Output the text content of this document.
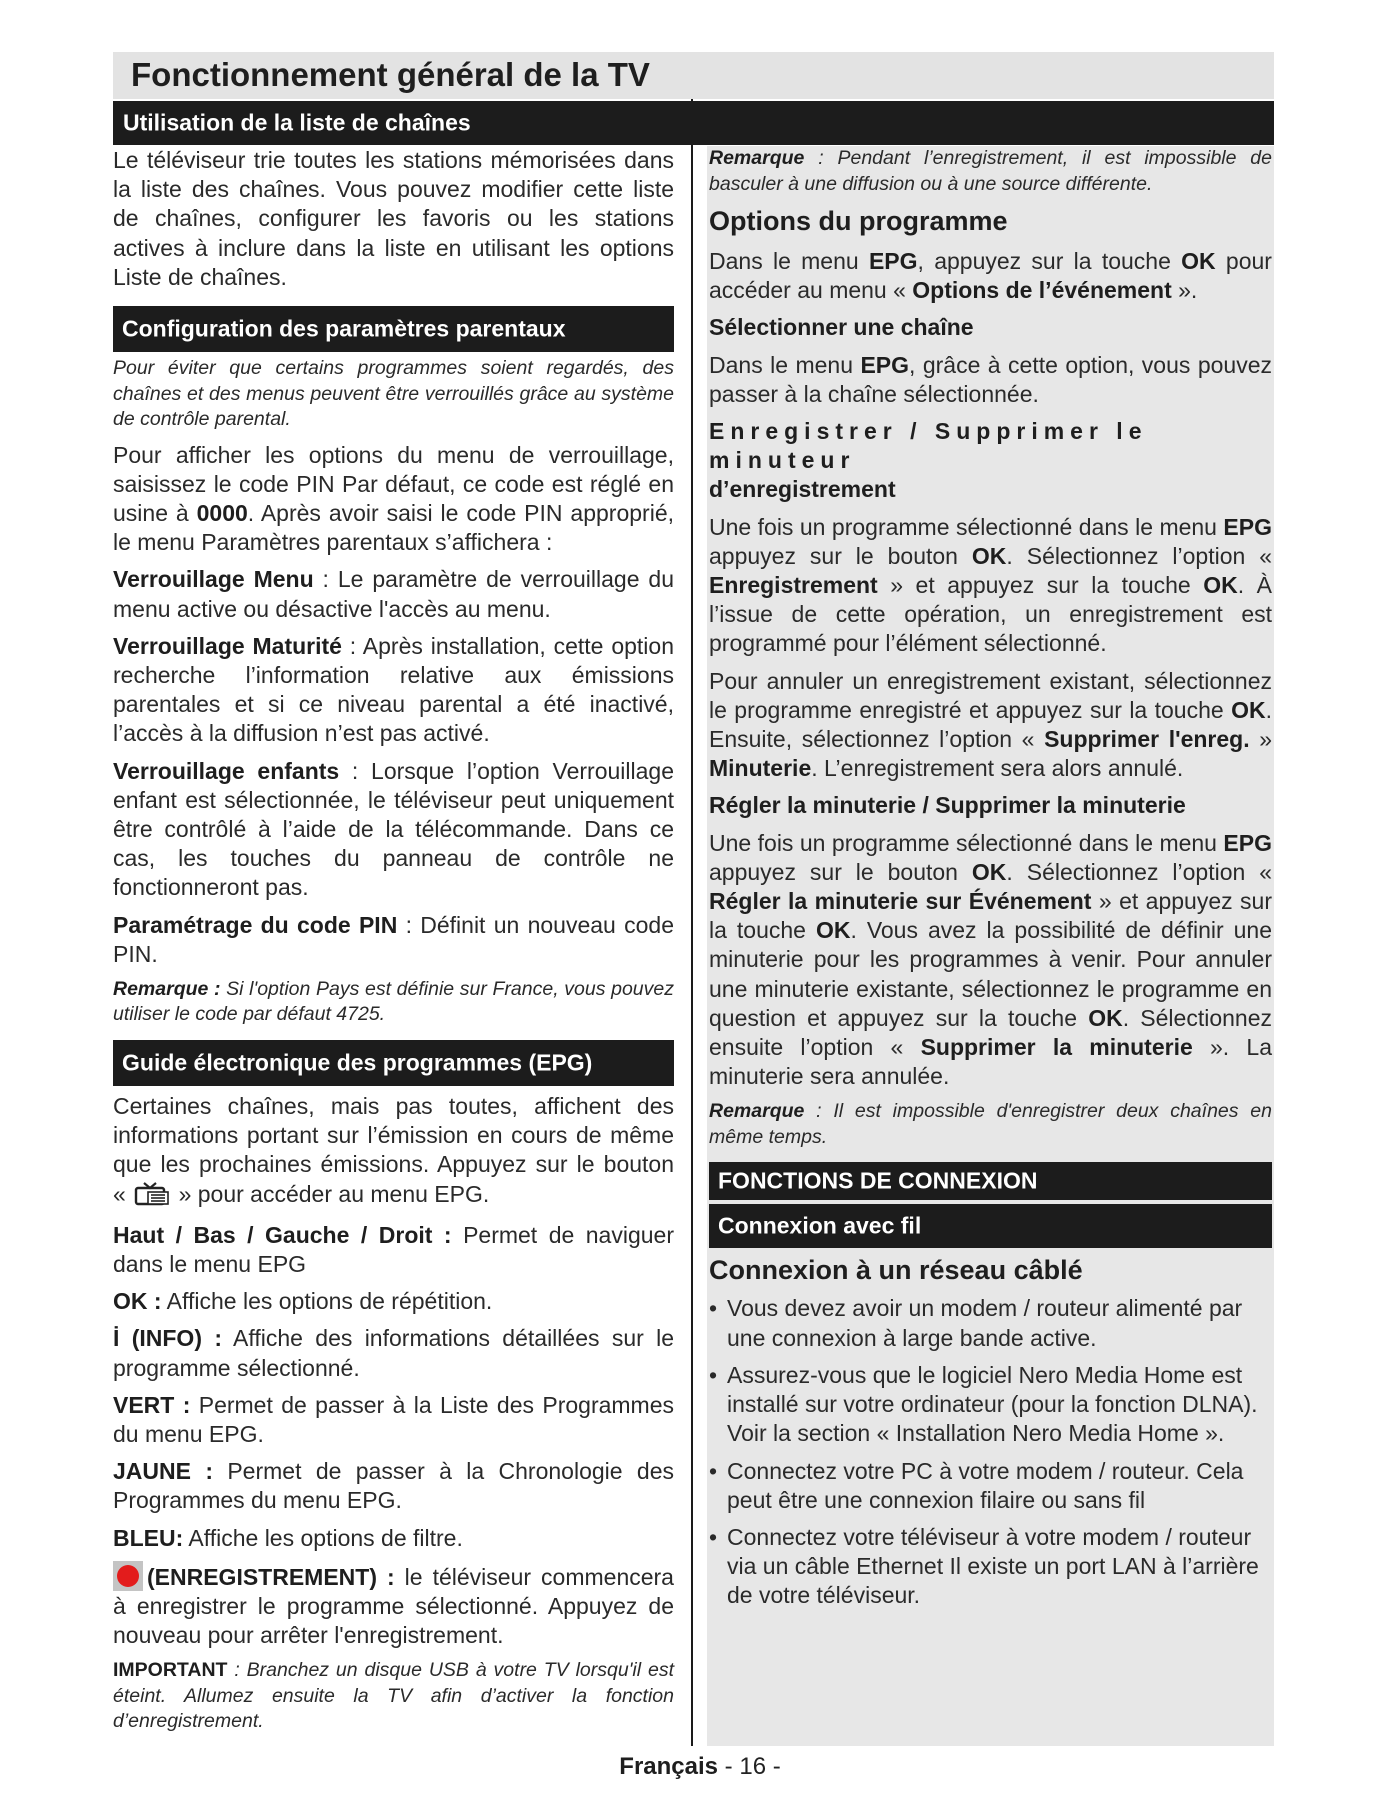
Fonctionnement général de la TV
Utilisation de la liste de chaînes

Le téléviseur trie toutes les stations mémorisées dans la liste des chaînes. Vous pouvez modifier cette liste de chaînes, configurer les favoris ou les stations actives à inclure dans la liste en utilisant les options Liste de chaînes.

Configuration des paramètres parentaux

Pour éviter que certains programmes soient regardés, des chaînes et des menus peuvent être verrouillés grâce au système de contrôle parental.

Pour afficher les options du menu de verrouillage, saisissez le code PIN Par défaut, ce code est réglé en usine à 0000. Après avoir saisi le code PIN approprié, le menu Paramètres parentaux s’affichera :

Verrouillage Menu : Le paramètre de verrouillage du menu active ou désactive l'accès au menu.

Verrouillage Maturité : Après installation, cette option recherche l’information relative aux émissions parentales et si ce niveau parental a été inactivé, l’accès à la diffusion n’est pas activé.

Verrouillage enfants : Lorsque l’option Verrouillage enfant est sélectionnée, le téléviseur peut uniquement être contrôlé à l’aide de la télécommande. Dans ce cas, les touches du panneau de contrôle ne fonctionneront pas.

Paramétrage du code PIN : Définit un nouveau code PIN.

Remarque : Si l'option Pays est définie sur France, vous pouvez utiliser le code par défaut 4725.

Guide électronique des programmes (EPG)

Certaines chaînes, mais pas toutes, affichent des informations portant sur l’émission en cours de même que les prochaines émissions. Appuyez sur le bouton «  » pour accéder au menu EPG.

Haut / Bas / Gauche / Droit : Permet de naviguer dans le menu EPG

OK : Affiche les options de répétition.

İ (INFO) : Affiche des informations détaillées sur le programme sélectionné.

VERT : Permet de passer à la Liste des Programmes du menu EPG.

JAUNE : Permet de passer à la Chronologie des Programmes du menu EPG.

BLEU: Affiche les options de filtre.

(ENREGISTREMENT) : le téléviseur commencera à enregistrer le programme sélectionné. Appuyez de nouveau pour arrêter l'enregistrement.

IMPORTANT : Branchez un disque USB à votre TV lorsqu'il est éteint. Allumez ensuite la TV afin d’activer la fonction d’enregistrement.

Remarque : Pendant l’enregistrement, il est impossible de basculer à une diffusion ou à une source différente.

Options du programme

Dans le menu EPG, appuyez sur la touche OK pour accéder au menu « Options de l’événement ».

Sélectionner une chaîne

Dans le menu EPG, grâce à cette option, vous pouvez passer à la chaîne sélectionnée.

Enregistrer / Supprimer le minuteur
d’enregistrement

Une fois un programme sélectionné dans le menu EPG appuyez sur le bouton OK. Sélectionnez l’option « Enregistrement » et appuyez sur la touche OK. À l’issue de cette opération, un enregistrement est programmé pour l’élément sélectionné.

Pour annuler un enregistrement existant, sélectionnez le programme enregistré et appuyez sur la touche OK. Ensuite, sélectionnez l’option « Supprimer l'enreg. » Minuterie. L’enregistrement sera alors annulé.

Régler la minuterie / Supprimer la minuterie

Une fois un programme sélectionné dans le menu EPG appuyez sur le bouton OK. Sélectionnez l’option « Régler la minuterie sur Événement » et appuyez sur la touche OK. Vous avez la possibilité de définir une minuterie pour les programmes à venir. Pour annuler une minuterie existante, sélectionnez le programme en question et appuyez sur la touche OK. Sélectionnez ensuite l’option « Supprimer la minuterie ». La minuterie sera annulée.

Remarque : Il est impossible d'enregistrer deux chaînes en même temps.

FONCTIONS DE CONNEXION
Connexion avec fil
Connexion à un réseau câblé
• Vous devez avoir un modem / routeur alimenté par une connexion à large bande active.
• Assurez-vous que le logiciel Nero Media Home est installé sur votre ordinateur (pour la fonction DLNA). Voir la section « Installation Nero Media Home ».
• Connectez votre PC à votre modem / routeur. Cela peut être une connexion filaire ou sans fil
• Connectez votre téléviseur à votre modem / routeur via un câble Ethernet Il existe un port LAN à l’arrière de votre téléviseur.
Français - 16 -
